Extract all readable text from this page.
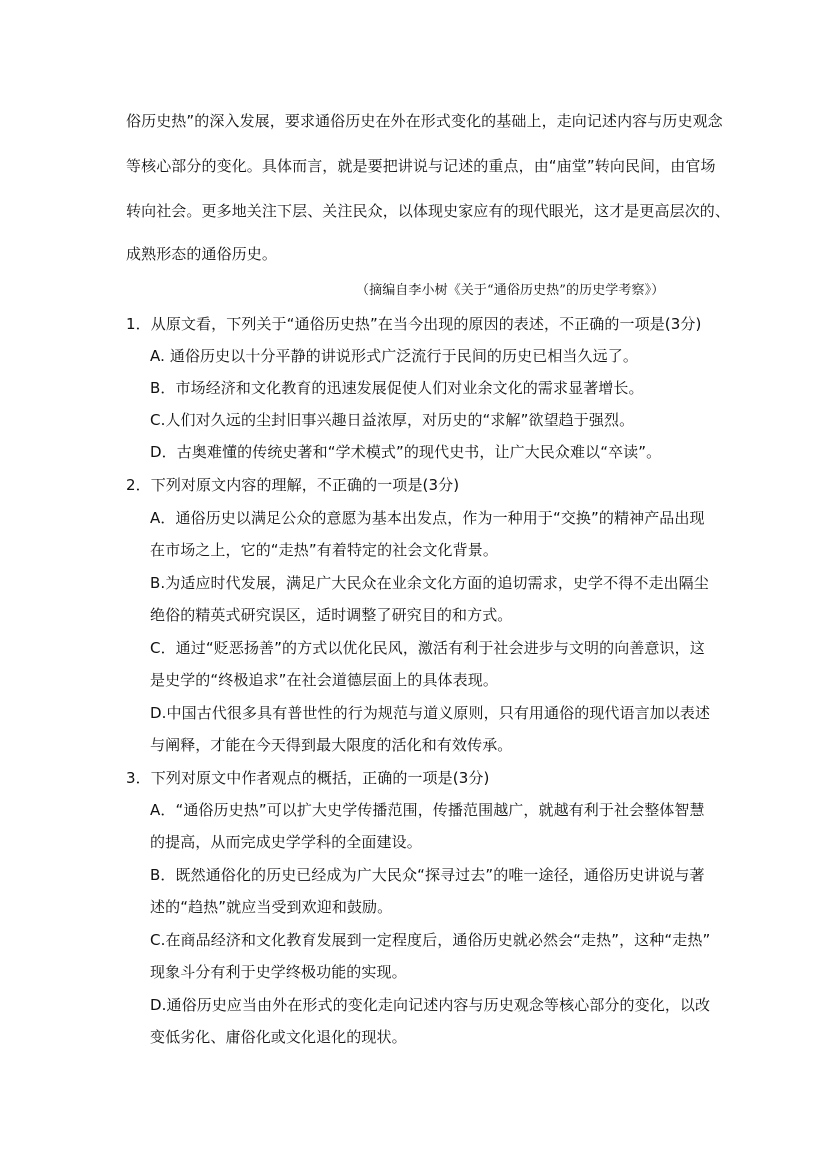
俗历史热”的深入发展，要求通俗历史在外在形式变化的基础上，走向记述内容与历史观念
等核心部分的变化。具体而言，就是要把讲说与记述的重点，由“庙堂”转向民间，由官场
转向社会。更多地关注下层、关注民众，以体现史家应有的现代眼光，这才是更高层次的、
成熟形态的通俗历史。
（摘编自李小树《关于“通俗历史热”的历史学考察》）
1．从原文看，下列关于“通俗历史热”在当今出现的原因的表述，不正确的一项是(3分)
A. 通俗历史以十分平静的讲说形式广泛流行于民间的历史已相当久远了。
B．市场经济和文化教育的迅速发展促使人们对业余文化的需求显著增长。
C.人们对久远的尘封旧事兴趣日益浓厚，对历史的“求解”欲望趋于强烈。
D．古奥难懂的传统史著和“学术模式”的现代史书，让广大民众难以“卒读”。
2．下列对原文内容的理解，不正确的一项是(3分)
A．通俗历史以满足公众的意愿为基本出发点，作为一种用于“交换”的精神产品出现
在市场之上，它的“走热”有着特定的社会文化背景。
B.为适应时代发展，满足广大民众在业余文化方面的追切需求，史学不得不走出隔尘
绝俗的精英式研究误区，适时调整了研究目的和方式。
C．通过“贬恶扬善”的方式以优化民风，激活有利于社会进步与文明的向善意识，这
是史学的“终极追求”在社会道德层面上的具体表现。
D.中国古代很多具有普世性的行为规范与道义原则，只有用通俗的现代语言加以表述
与阐释，才能在今天得到最大限度的活化和有效传承。
3．下列对原文中作者观点的概括，正确的一项是(3分)
A．“通俗历史热”可以扩大史学传播范围，传播范围越广，就越有利于社会整体智慧
的提高，从而完成史学学科的全面建设。
B．既然通俗化的历史已经成为广大民众“探寻过去”的唯一途径，通俗历史讲说与著
述的“趋热”就应当受到欢迎和鼓励。
C.在商品经济和文化教育发展到一定程度后，通俗历史就必然会“走热”，这种“走热”
现象斗分有利于史学终极功能的实现。
D.通俗历史应当由外在形式的变化走向记述内容与历史观念等核心部分的变化，以改
变低劣化、庸俗化或文化退化的现状。
